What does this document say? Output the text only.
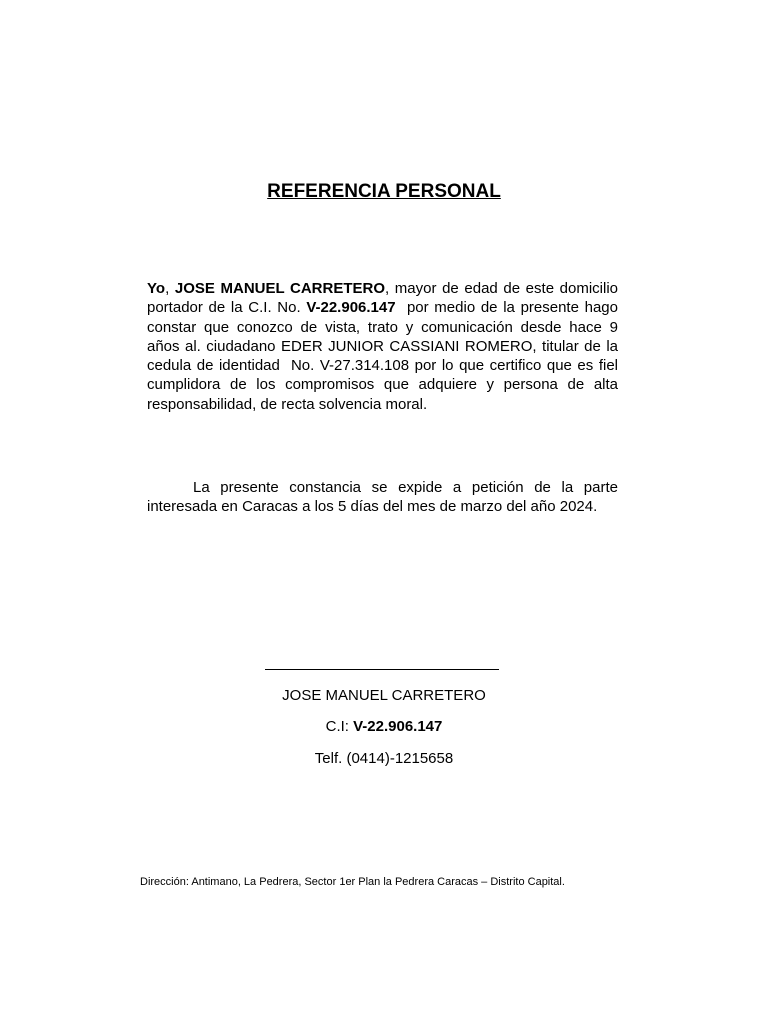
REFERENCIA PERSONAL

Yo, JOSE MANUEL CARRETERO, mayor de edad de este domicilio portador de la C.I. No. V-22.906.147  por medio de la presente hago constar que conozco de vista, trato y comunicación desde hace 9 años al. ciudadano EDER JUNIOR CASSIANI ROMERO, titular de la cedula de identidad  No. V-27.314.108 por lo que certifico que es fiel cumplidora de los compromisos que adquiere y persona de alta responsabilidad, de recta solvencia moral.

La presente constancia se expide a petición de la parte interesada en Caracas a los 5 días del mes de marzo del año 2024.

JOSE MANUEL CARRETERO
C.I: V-22.906.147
Telf. (0414)-1215658
Dirección: Antimano, La Pedrera, Sector 1er Plan la Pedrera Caracas – Distrito Capital.
